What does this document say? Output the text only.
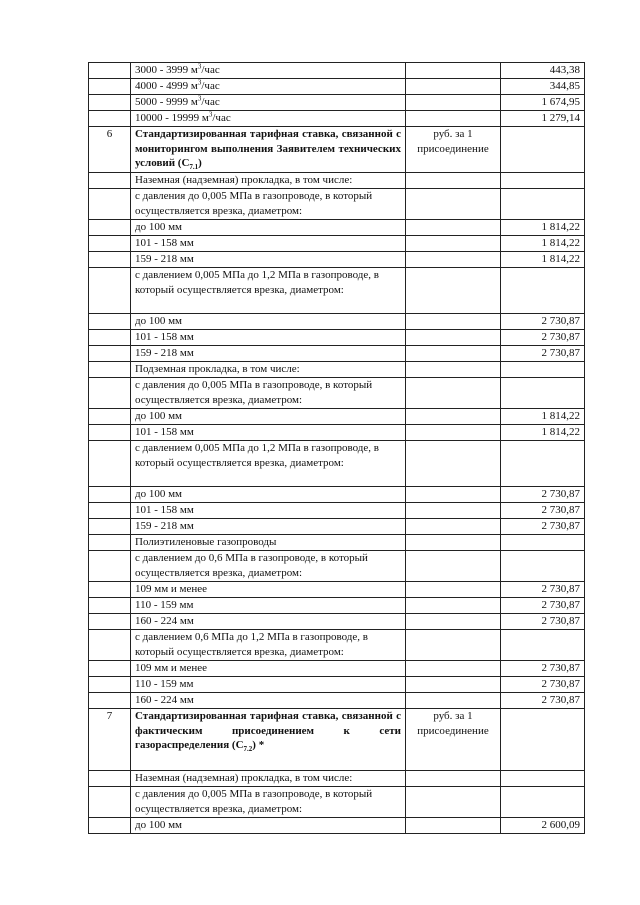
	3000 - 3999 $м^3$/час		443,38
	4000 - 4999 $м^3$/час		344,85
	5000 - 9999 $м^3$/час		1 674,95
	10000 - 19999 $м^3$/час		1 279,14
6	Стандартизированная тарифная ставка, связанной с мониторингом выполнения Заявителем технических условий $(C_{7.1})$	руб. за 1 присоединение	
	Наземная (надземная) прокладка, в том числе:		
	с давления до 0,005 МПа в газопроводе, в который осуществляется врезка, диаметром:		
	до 100 мм		1 814,22
	101 - 158 мм		1 814,22
	159 - 218 мм		1 814,22
	с давлением 0,005 МПа до 1,2 МПа в газопроводе, в который осуществляется врезка, диаметром:		
	до 100 мм		2 730,87
	101 - 158 мм		2 730,87
	159 - 218 мм		2 730,87
	Подземная прокладка, в том числе:		
	с давления до 0,005 МПа в газопроводе, в который осуществляется врезка, диаметром:		
	до 100 мм		1 814,22
	101 - 158 мм		1 814,22
	с давлением 0,005 МПа до 1,2 МПа в газопроводе, в который осуществляется врезка, диаметром:		
	до 100 мм		2 730,87
	101 - 158 мм		2 730,87
	159 - 218 мм		2 730,87
	Полиэтиленовые газопроводы		
	с давлением до 0,6 МПа в газопроводе, в который осуществляется врезка, диаметром:		
	109 мм и менее		2 730,87
	110 - 159 мм		2 730,87
	160 - 224 мм		2 730,87
	с давлением 0,6 МПа до 1,2 МПа в газопроводе, в который осуществляется врезка, диаметром:		
	109 мм и менее		2 730,87
	110 - 159 мм		2 730,87
	160 - 224 мм		2 730,87
7	Стандартизированная тарифная ставка, связанной с фактическим присоединением к сети газораспределения $(C_{7.2})$ *	руб. за 1 присоединение	
	Наземная (надземная) прокладка, в том числе:		
	с давления до 0,005 МПа в газопроводе, в который осуществляется врезка, диаметром:		
	до 100 мм		2 600,09
